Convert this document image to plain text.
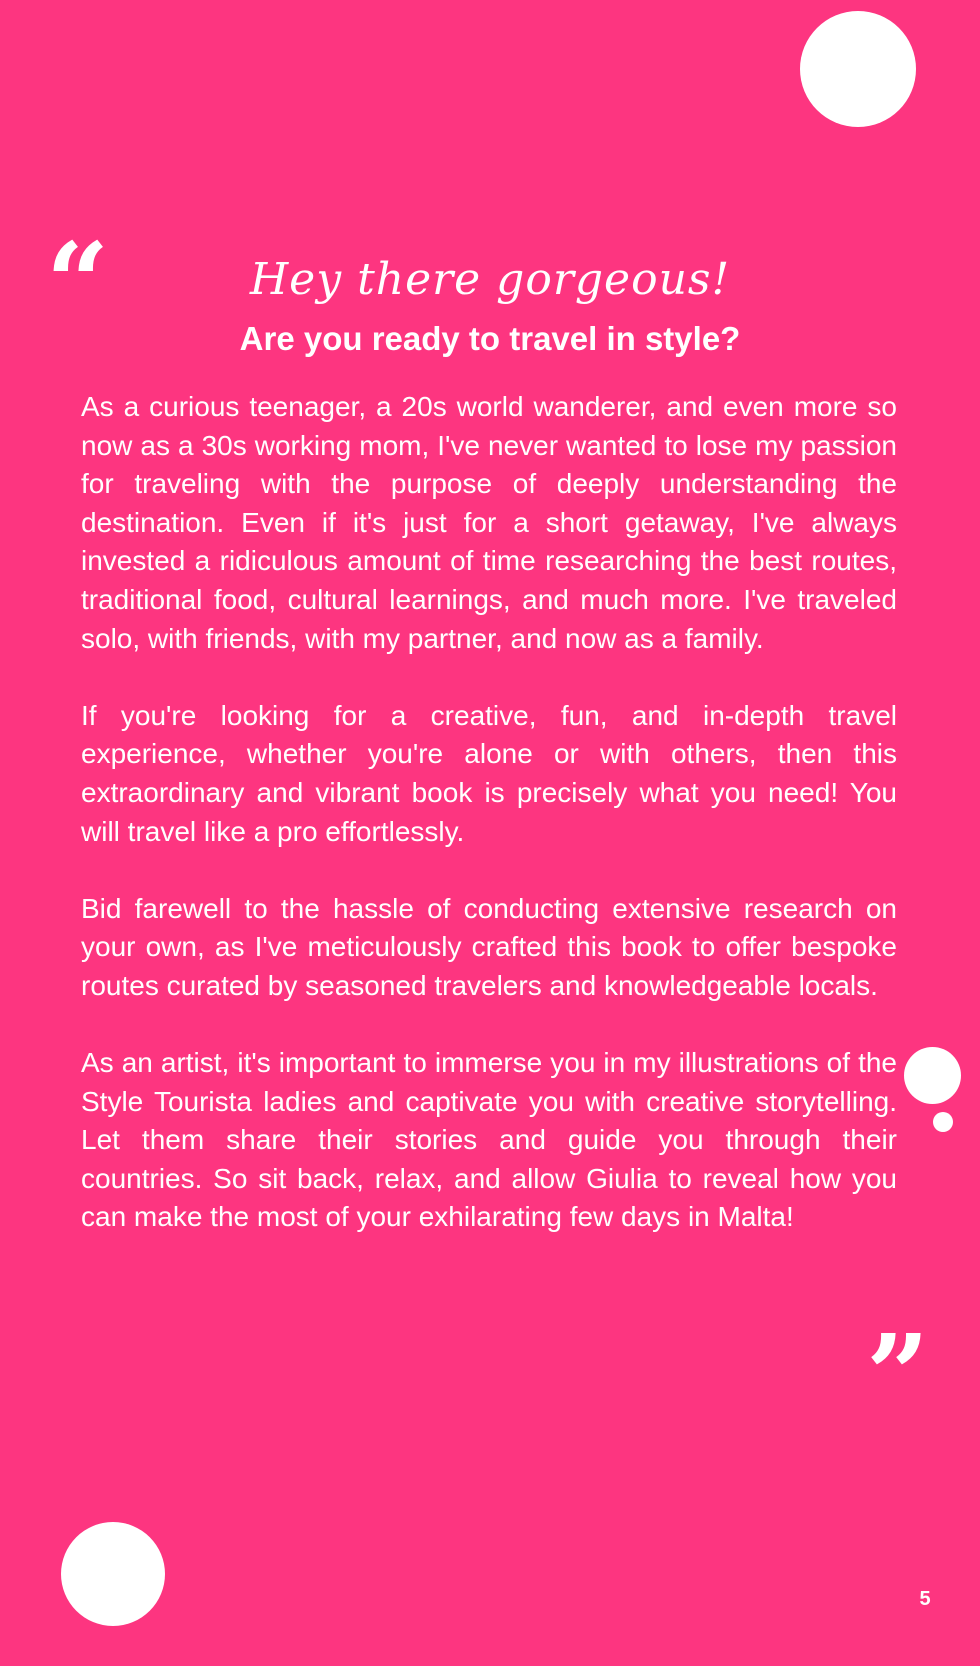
“
”
Hey there gorgeous!
Are you ready to travel in style?

As a curious teenager, a 20s world wanderer, and even more so now as a 30s working mom, I've never wanted to lose my passion for traveling with the purpose of deeply understanding the destination. Even if it's just for a short getaway, I've always invested a ridiculous amount of time researching the best routes, traditional food, cultural learnings, and much more. I've traveled solo, with friends, with my partner, and now as a family.

If you're looking for a creative, fun, and in-depth travel experience, whether you're alone or with others, then this extraordinary and vibrant book is precisely what you need! You will travel like a pro effortlessly.

Bid farewell to the hassle of conducting extensive research on your own, as I've meticulously crafted this book to offer bespoke routes curated by seasoned travelers and knowledgeable locals.

As an artist, it's important to immerse you in my illustrations of the Style Tourista ladies and captivate you with creative storytelling. Let them share their stories and guide you through their countries. So sit back, relax, and allow Giulia to reveal how you can make the most of your exhilarating few days in Malta!

5
